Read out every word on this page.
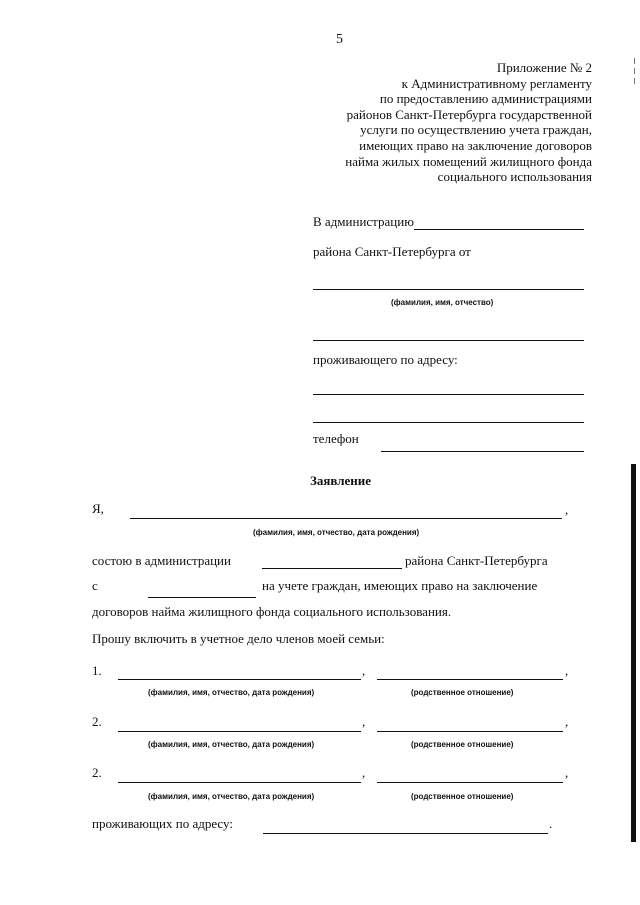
5
Приложение № 2
к Административному регламенту
по предоставлению администрациями
районов Санкт-Петербурга государственной
услуги по осуществлению учета граждан,
имеющих право на заключение договоров
найма жилых помещений жилищного фонда
социального использования
В администрацию
района Санкт-Петербурга от
(фамилия, имя, отчество)
проживающего по адресу:
телефон
Заявление
Я,	,
(фамилия, имя, отчество, дата рождения)
состою в администрации	района Санкт-Петербурга
с	на учете граждан, имеющих право на заключение
договоров найма жилищного фонда социального использования.
Прошу включить в учетное дело членов моей семьи:
1.	,	,
(фамилия, имя, отчество, дата рождения)	(родственное отношение)
2.	,	,
(фамилия, имя, отчество, дата рождения)	(родственное отношение)
2.	,	,
(фамилия, имя, отчество, дата рождения)	(родственное отношение)
проживающих по адресу:	.
